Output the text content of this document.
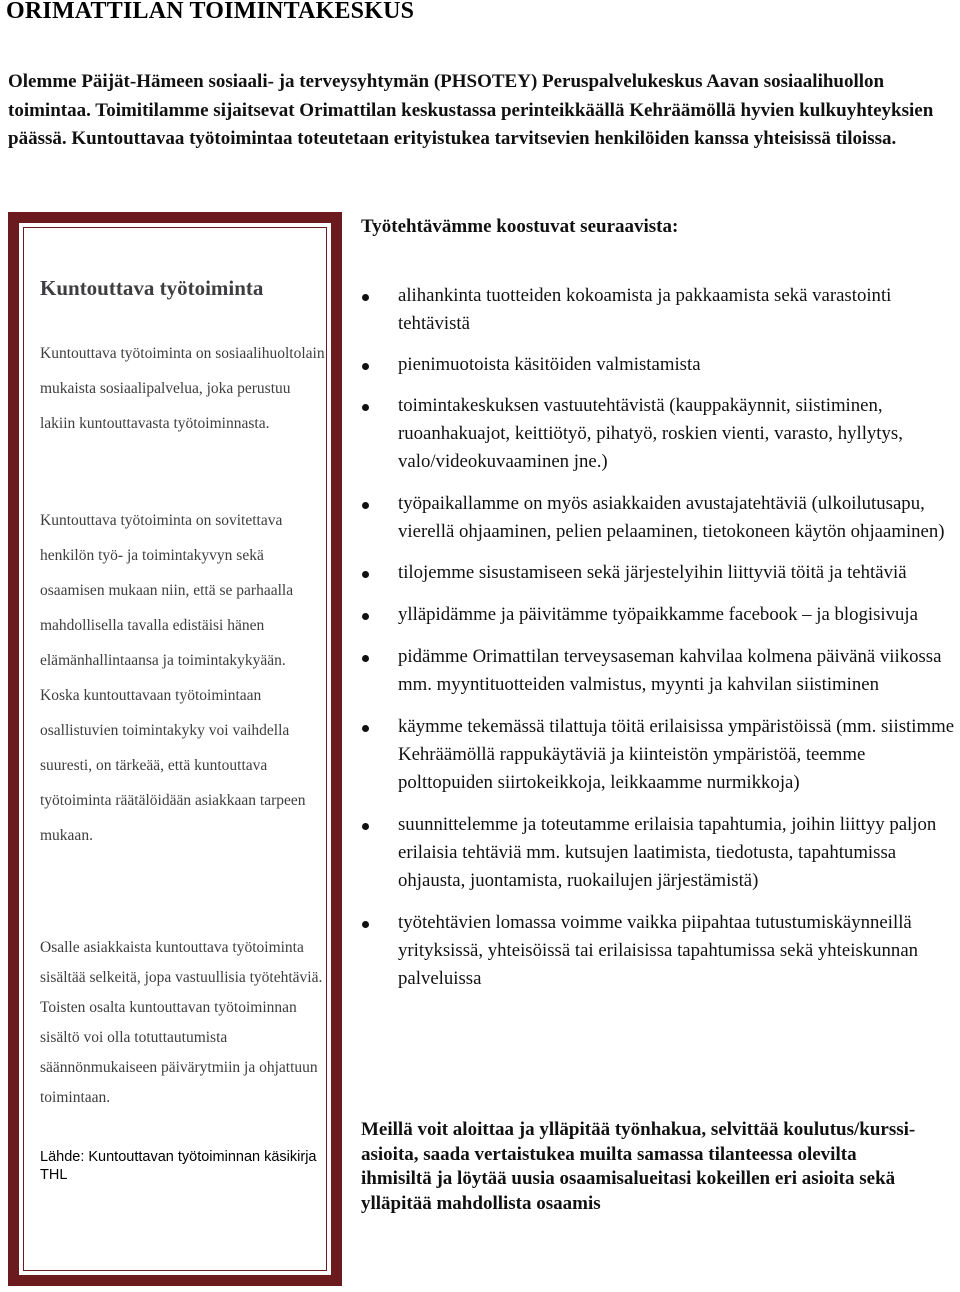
ORIMATTILAN TOIMINTAKESKUS

Olemme Päijät-Hämeen sosiaali- ja terveysyhtymän (PHSOTEY) Peruspalvelukeskus Aavan sosiaalihuollon toimintaa. Toimitilamme sijaitsevat Orimattilan keskustassa perinteikkäällä Kehräämöllä hyvien kulkuyhteyksien päässä. Kuntouttavaa työtoimintaa toteutetaan erityistukea tarvitsevien henkilöiden kanssa yhteisissä tiloissa.

Kuntouttava työtoiminta

Kuntouttava työtoiminta on sosiaalihuoltolain mukaista sosiaalipalvelua, joka perustuu lakiin kuntouttavasta työtoiminnasta.

Kuntouttava työtoiminta on sovitettava henkilön työ- ja toimintakyvyn sekä osaamisen mukaan niin, että se parhaalla mahdollisella tavalla edistäisi hänen elämänhallintaansa ja toimintakykyään. Koska kuntouttavaan työtoimintaan osallistuvien toimintakyky voi vaihdella suuresti, on tärkeää, että kuntouttava työtoiminta räätälöidään asiakkaan tarpeen mukaan.

Osalle asiakkaista kuntouttava työtoiminta sisältää selkeitä, jopa vastuullisia työtehtäviä. Toisten osalta kuntouttavan työtoiminnan sisältö voi olla totuttautumista säännönmukaiseen päivärytmiin ja ohjattuun toimintaan.

Lähde: Kuntouttavan työtoiminnan käsikirja THL

Työtehtävämme koostuvat seuraavista:
alihankinta tuotteiden kokoamista ja pakkaamista sekä varastointi tehtävistä
pienimuotoista käsitöiden valmistamista
toimintakeskuksen vastuutehtävistä (kauppakäynnit, siistiminen, ruoanhakuajot, keittiötyö, pihatyö, roskien vienti, varasto, hyllytys, valo/videokuvaaminen jne.)
työpaikallamme on myös asiakkaiden avustajatehtäviä (ulkoilutusapu, vierellä ohjaaminen, pelien pelaaminen, tietokoneen käytön ohjaaminen)
tilojemme sisustamiseen sekä järjestelyihin liittyviä töitä ja tehtäviä
ylläpidämme ja päivitämme työpaikkamme facebook – ja blogisivuja
pidämme Orimattilan terveysaseman kahvilaa kolmena päivänä viikossa mm. myyntituotteiden valmistus, myynti ja kahvilan siistiminen
käymme tekemässä tilattuja töitä erilaisissa ympäristöissä (mm. siistimme Kehräämöllä rappukäytäviä ja kiinteistön ympäristöä, teemme polttopuiden siirtokeikkoja, leikkaamme nurmikkoja)
suunnittelemme ja toteutamme erilaisia tapahtumia, joihin liittyy paljon erilaisia tehtäviä mm. kutsujen laatimista, tiedotusta, tapahtumissa ohjausta, juontamista, ruokailujen järjestämistä)
työtehtävien lomassa voimme vaikka piipahtaa tutustumiskäynneillä yrityksissä, yhteisöissä tai erilaisissa tapahtumissa sekä yhteiskunnan palveluissa

Meillä voit aloittaa ja ylläpitää työnhakua, selvittää koulutus/kurssi-asioita, saada vertaistukea muilta samassa tilanteessa olevilta ihmisiltä ja löytää uusia osaamisalueitasi kokeillen eri asioita sekä ylläpitää mahdollista osaamis
